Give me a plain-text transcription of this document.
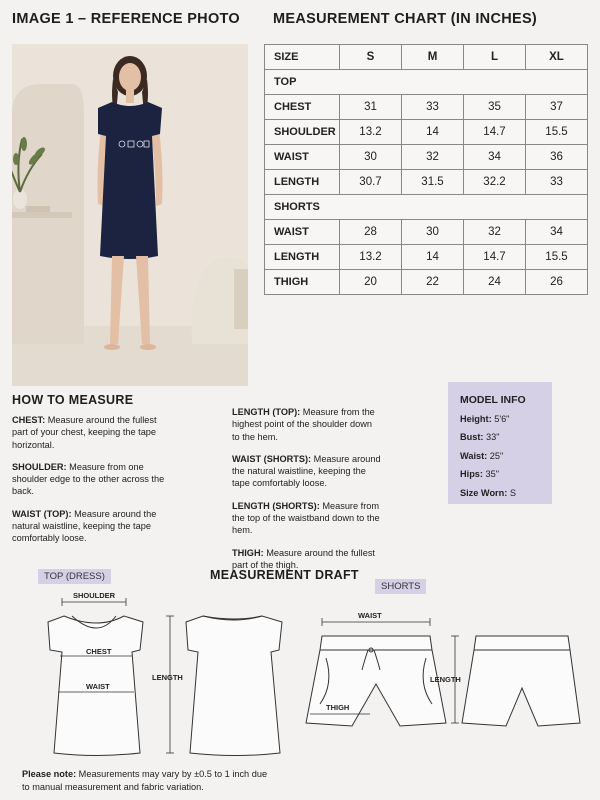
IMAGE 1 – REFERENCE PHOTO MEASUREMENT CHART (IN INCHES)
SIZE	S	M	L	XL
TOP				
CHEST	31	33	35	37
SHOULDER	13.2	14	14.7	15.5
WAIST	30	32	34	36
LENGTH	30.7	31.5	32.2	33
SHORTS				
WAIST	28	30	32	34
LENGTH	13.2	14	14.7	15.5
THIGH	20	22	24	26
HOW TO MEASURE

CHEST: Measure around the fullest part of your chest, keeping the tape horizontal.

SHOULDER: Measure from one shoulder edge to the other across the back.

WAIST (TOP): Measure around the natural waistline, keeping the tape comfortably loose.

LENGTH (TOP): Measure from the highest point of the shoulder down to the hem.

WAIST (SHORTS): Measure around the natural waistline, keeping the tape comfortably loose.

LENGTH (SHORTS): Measure from the top of the waistband down to the hem.

THIGH: Measure around the fullest part of the thigh.

MODEL INFO
Height: 5'6"
Bust: 33"
Waist: 25"
Hips: 35"
Size Worn: S
TOP (DRESS)	MEASUREMENT DRAFT
SHORTS
SHOULDER
CHEST
WAIST
LENGTH
WAIST
THIGH
LENGTH
Please note: Measurements may vary by ±0.5 to 1 inch due to manual measurement and fabric variation.
